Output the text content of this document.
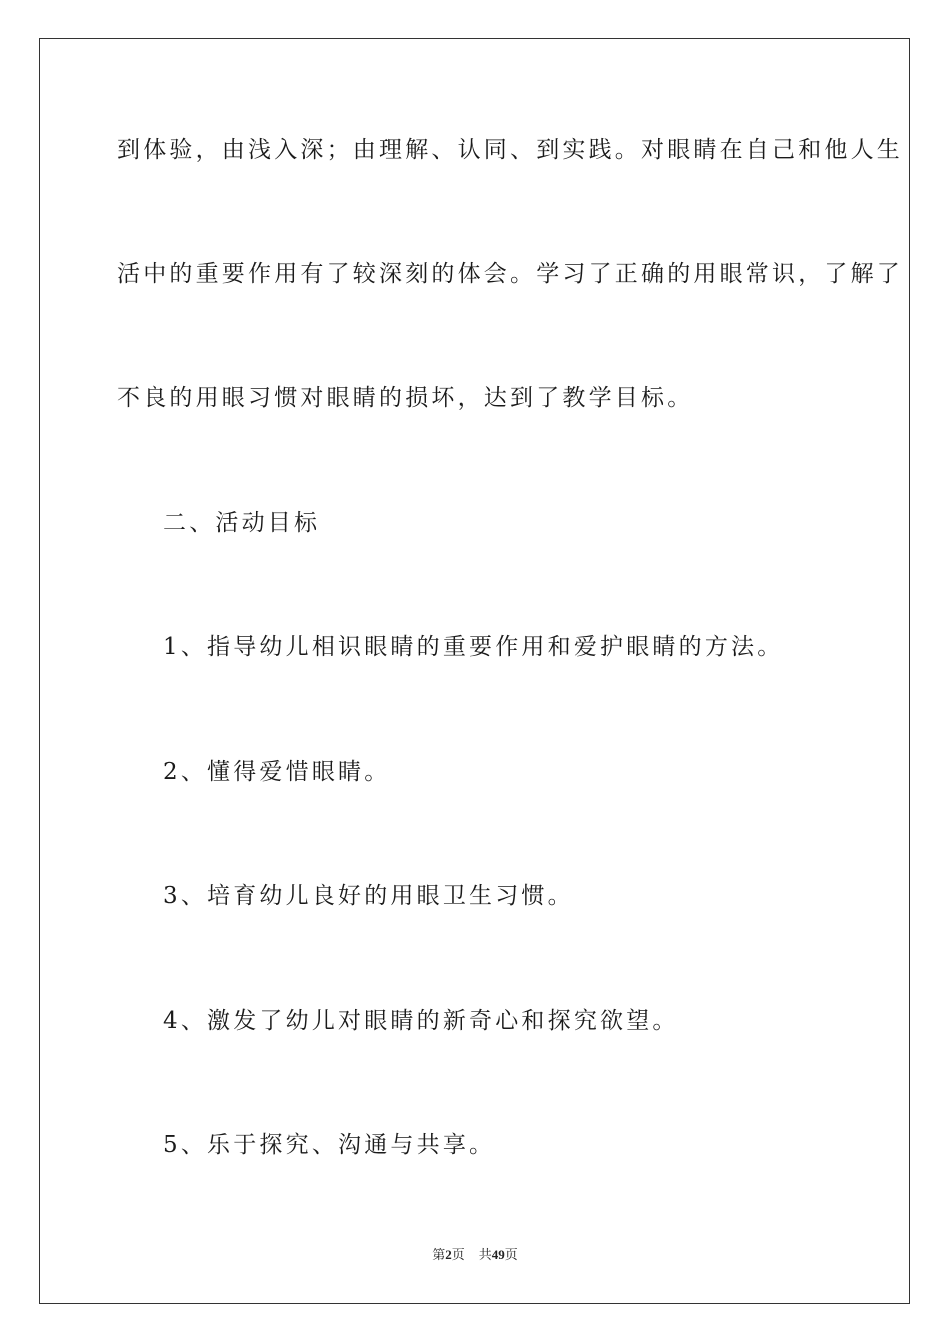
到体验，由浅入深；由理解、认同、到实践。对眼睛在自己和他人生
活中的重要作用有了较深刻的体会。学习了正确的用眼常识，了解了
不良的用眼习惯对眼睛的损坏，达到了教学目标。
二、活动目标
1、指导幼儿相识眼睛的重要作用和爱护眼睛的方法。
2、懂得爱惜眼睛。
3、培育幼儿良好的用眼卫生习惯。
4、激发了幼儿对眼睛的新奇心和探究欲望。
5、乐于探究、沟通与共享。
第2页 共49页
